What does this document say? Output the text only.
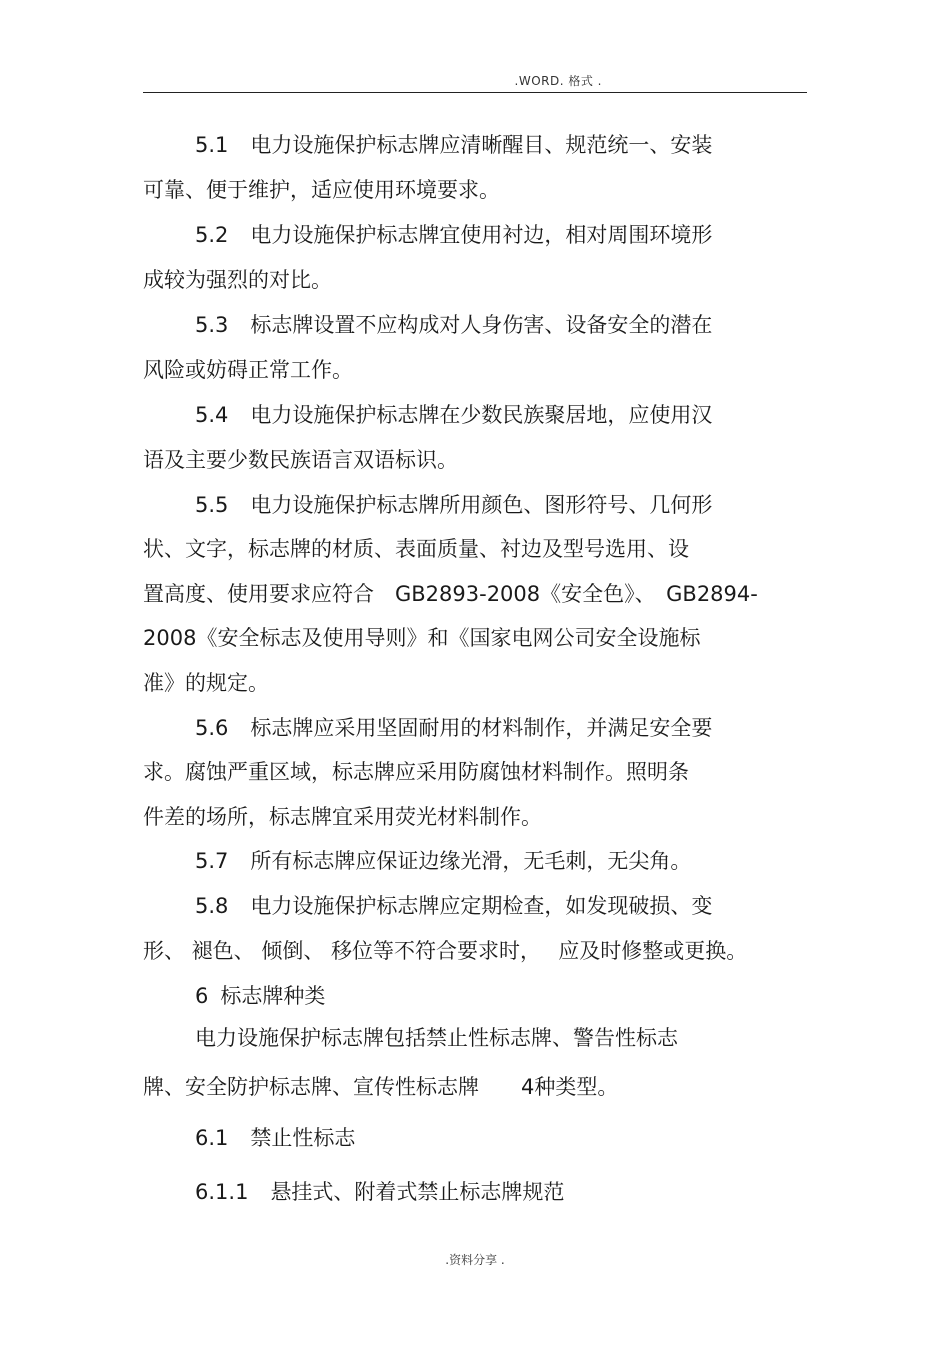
.WORD. 格式 .
5.1 电力设施保护标志牌应清晰醒目、规范统一、安装
可靠、便于维护，适应使用环境要求。
5.2 电力设施保护标志牌宜使用衬边，相对周围环境形
成较为强烈的对比。
5.3 标志牌设置不应构成对人身伤害、设备安全的潜在
风险或妨碍正常工作。
5.4 电力设施保护标志牌在少数民族聚居地，应使用汉
语及主要少数民族语言双语标识。
5.5 电力设施保护标志牌所用颜色、图形符号、几何形
状、文字，标志牌的材质、表面质量、衬边及型号选用、设
置高度、使用要求应符合　GB2893-2008《安全色》、　GB2894-
2008《安全标志及使用导则》和《国家电网公司安全设施标
准》的规定。
5.6 标志牌应采用坚固耐用的材料制作，并满足安全要
求。腐蚀严重区域，标志牌应采用防腐蚀材料制作。照明条
件差的场所，标志牌宜采用荧光材料制作。
5.7 所有标志牌应保证边缘光滑，无毛刺，无尖角。
5.8 电力设施保护标志牌应定期检查，如发现破损、变
形、 褪色、 倾倒、 移位等不符合要求时，　 应及时修整或更换。
6 标志牌种类
电力设施保护标志牌包括禁止性标志牌、警告性标志
牌、安全防护标志牌、宣传性标志牌　　4种类型。
6.1 禁止性标志
6.1.1 悬挂式、附着式禁止标志牌规范
.资料分享 .
